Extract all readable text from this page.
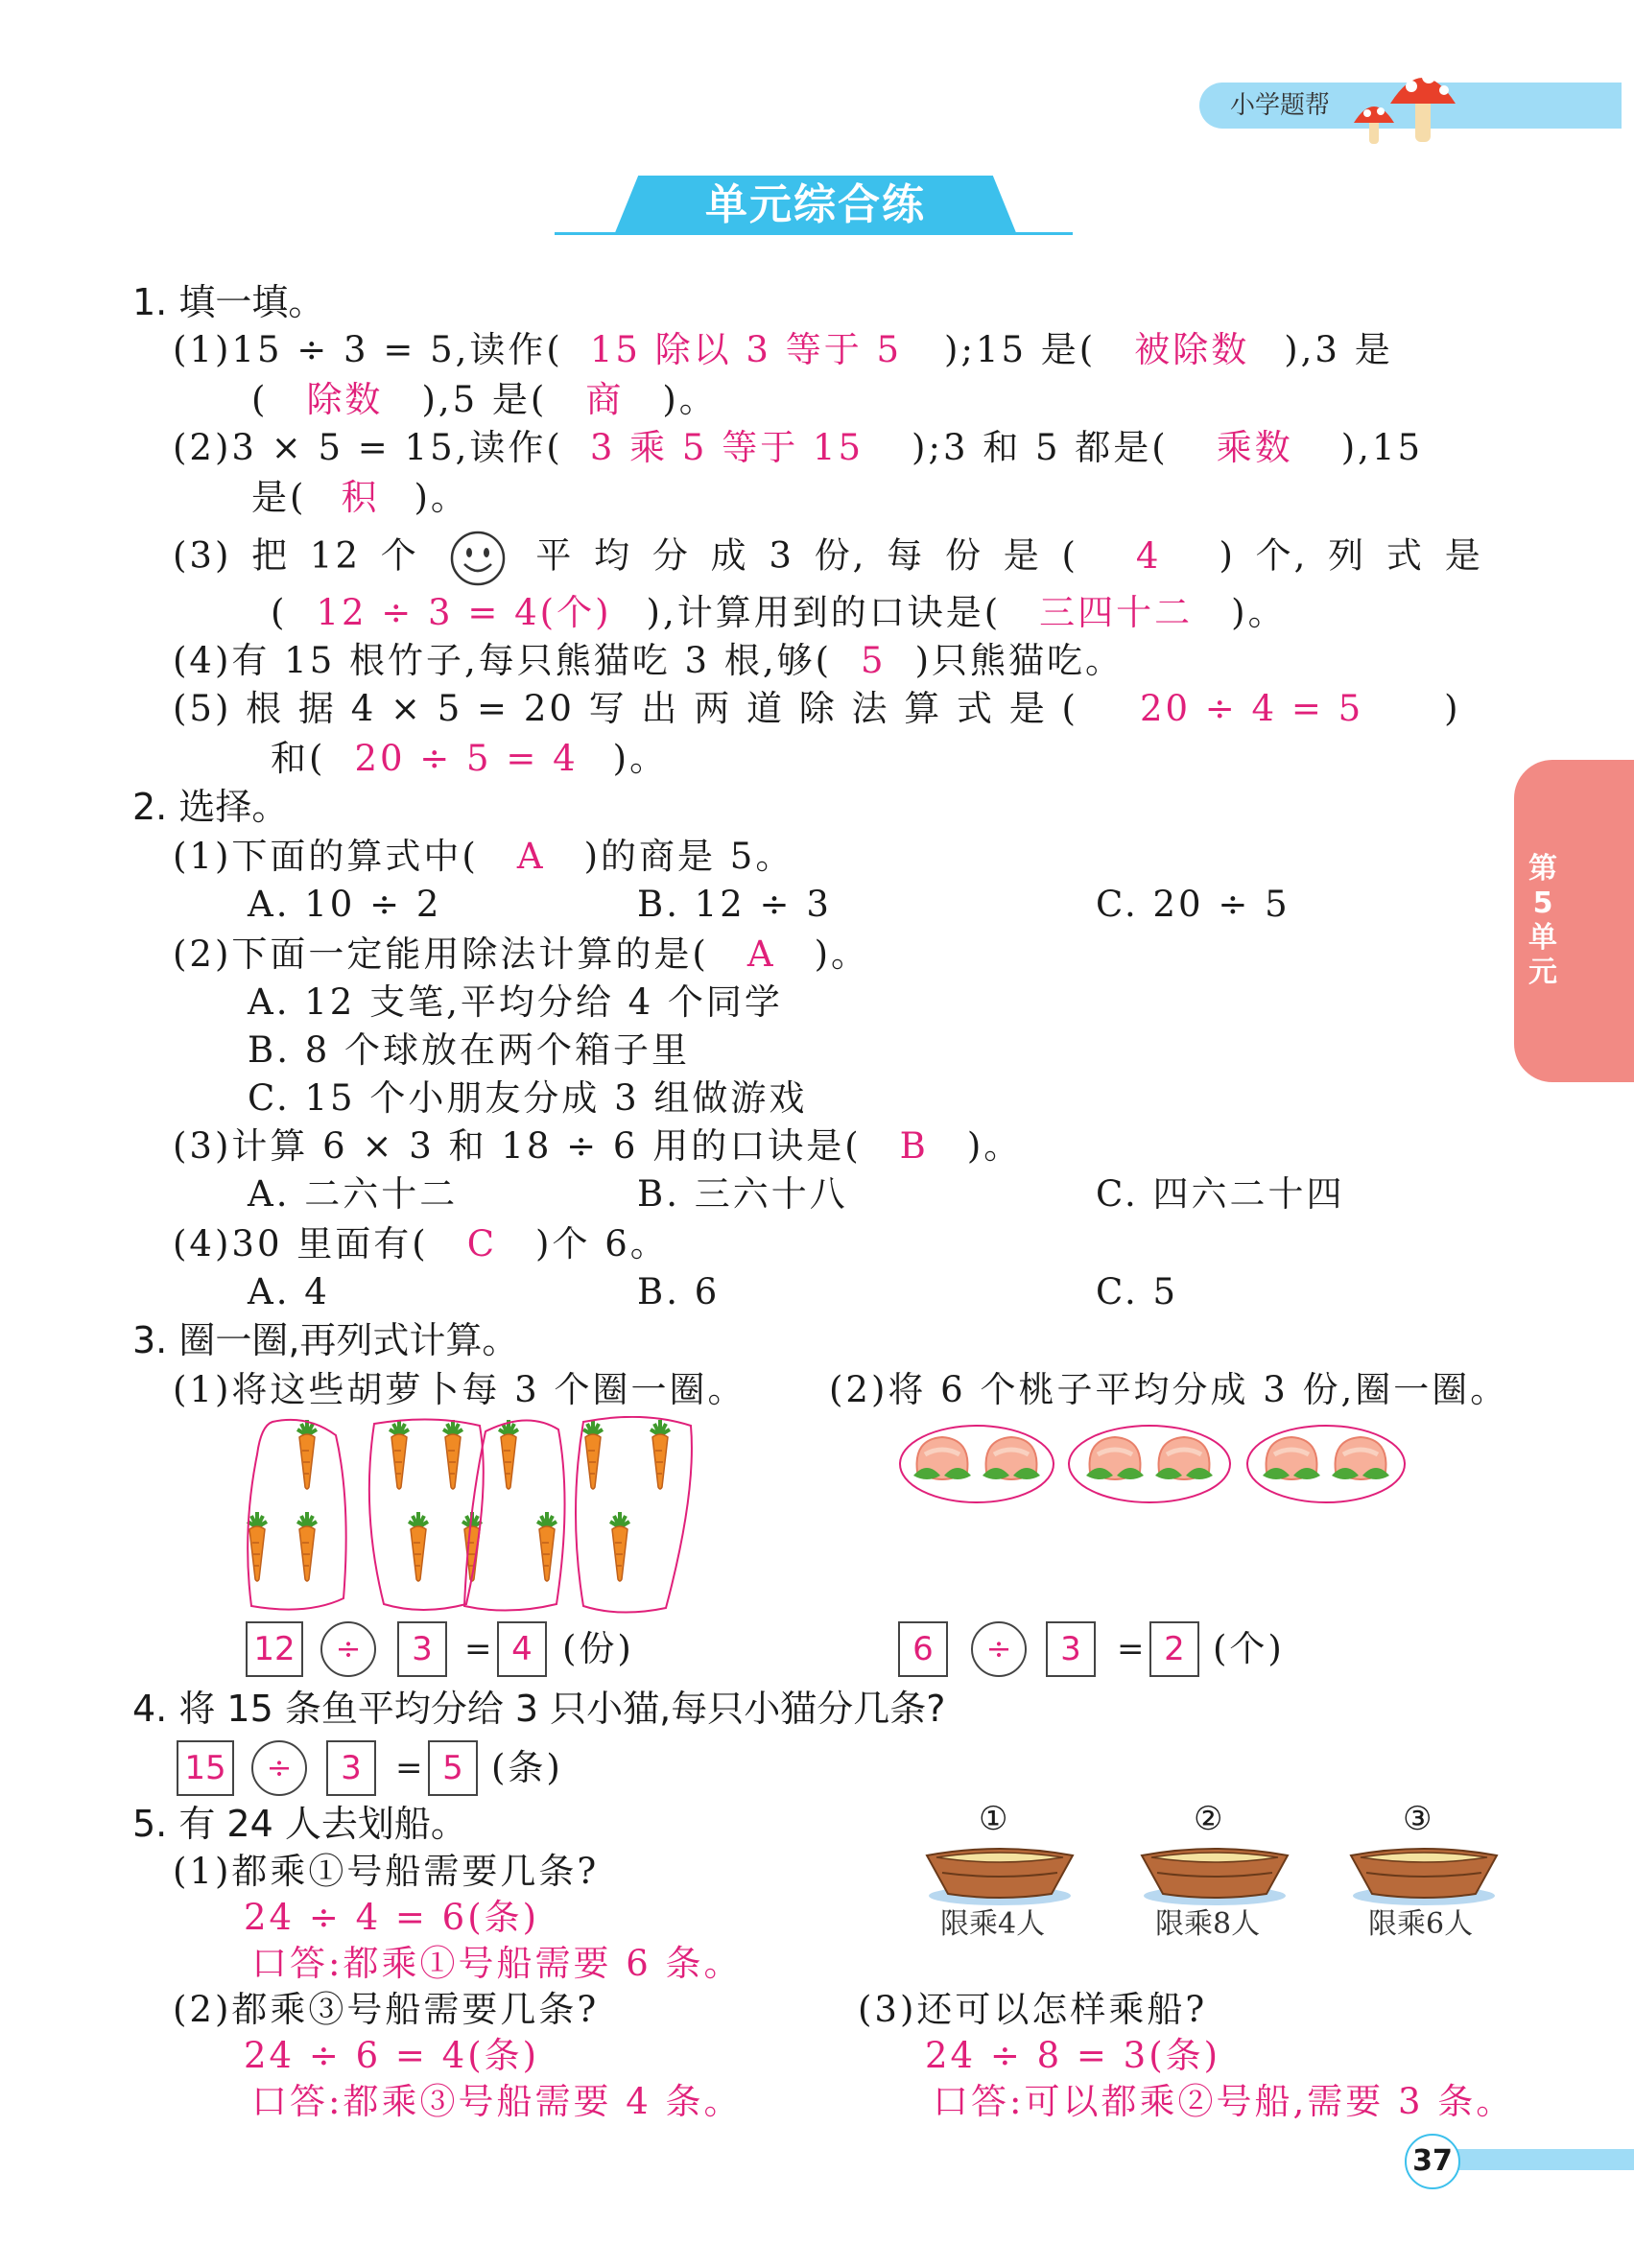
小学题帮
单元综合练
第5单元
1. 填一填。
(1)15 ÷ 3 = 5,读作( 15 除以 3 等于 5 );15 是( 被除数 ),3 是
( 除数 ),5 是( 商 )。
(2)3 × 5 = 15,读作( 3 乘 5 等于 15 );3 和 5 都是( 乘数 ),15
是( 积 )。
(3) 把 12 个	平 均 分 成 3 份, 每 份 是 ( 4 ) 个, 列 式 是
( 12 ÷ 3 = 4(个) ),计算用到的口诀是( 三四十二 )。
(4)有 15 根竹子,每只熊猫吃 3 根,够( 5 )只熊猫吃。
(5) 根 据 4 × 5 = 20 写 出 两 道 除 法 算 式 是 ( 20 ÷ 4 = 5 )
和( 20 ÷ 5 = 4 )。
2. 选择。
(1)下面的算式中( A )的商是 5。
A. 10 ÷ 2	B. 12 ÷ 3	C. 20 ÷ 5
(2)下面一定能用除法计算的是( A )。
A. 12 支笔,平均分给 4 个同学
B. 8 个球放在两个箱子里
C. 15 个小朋友分成 3 组做游戏
(3)计算 6 × 3 和 18 ÷ 6 用的口诀是( B )。
A. 二六十二	B. 三六十八	C. 四六二十四
(4)30 里面有( C )个 6。
A. 4	B. 6	C. 5
3. 圈一圈,再列式计算。
(1)将这些胡萝卜每 3 个圈一圈。 (2)将 6 个桃子平均分成 3 份,圈一圈。
12	÷	3 = 4 (份)	6	÷	3	= 2 (个)
4. 将 15 条鱼平均分给 3 只小猫,每只小猫分几条?
15	÷	3	= 5 (条)
5. 有 24 人去划船。	①
限乘4人
②
限乘8人
③
限乘6人
(1)都乘①号船需要几条?
24 ÷ 4 = 6(条)
口答:都乘①号船需要 6 条。
(2)都乘③号船需要几条?
24 ÷ 6 = 4(条)
口答:都乘③号船需要 4 条。
(3)还可以怎样乘船?
24 ÷ 8 = 3(条)
口答:可以都乘②号船,需要 3 条。
37
